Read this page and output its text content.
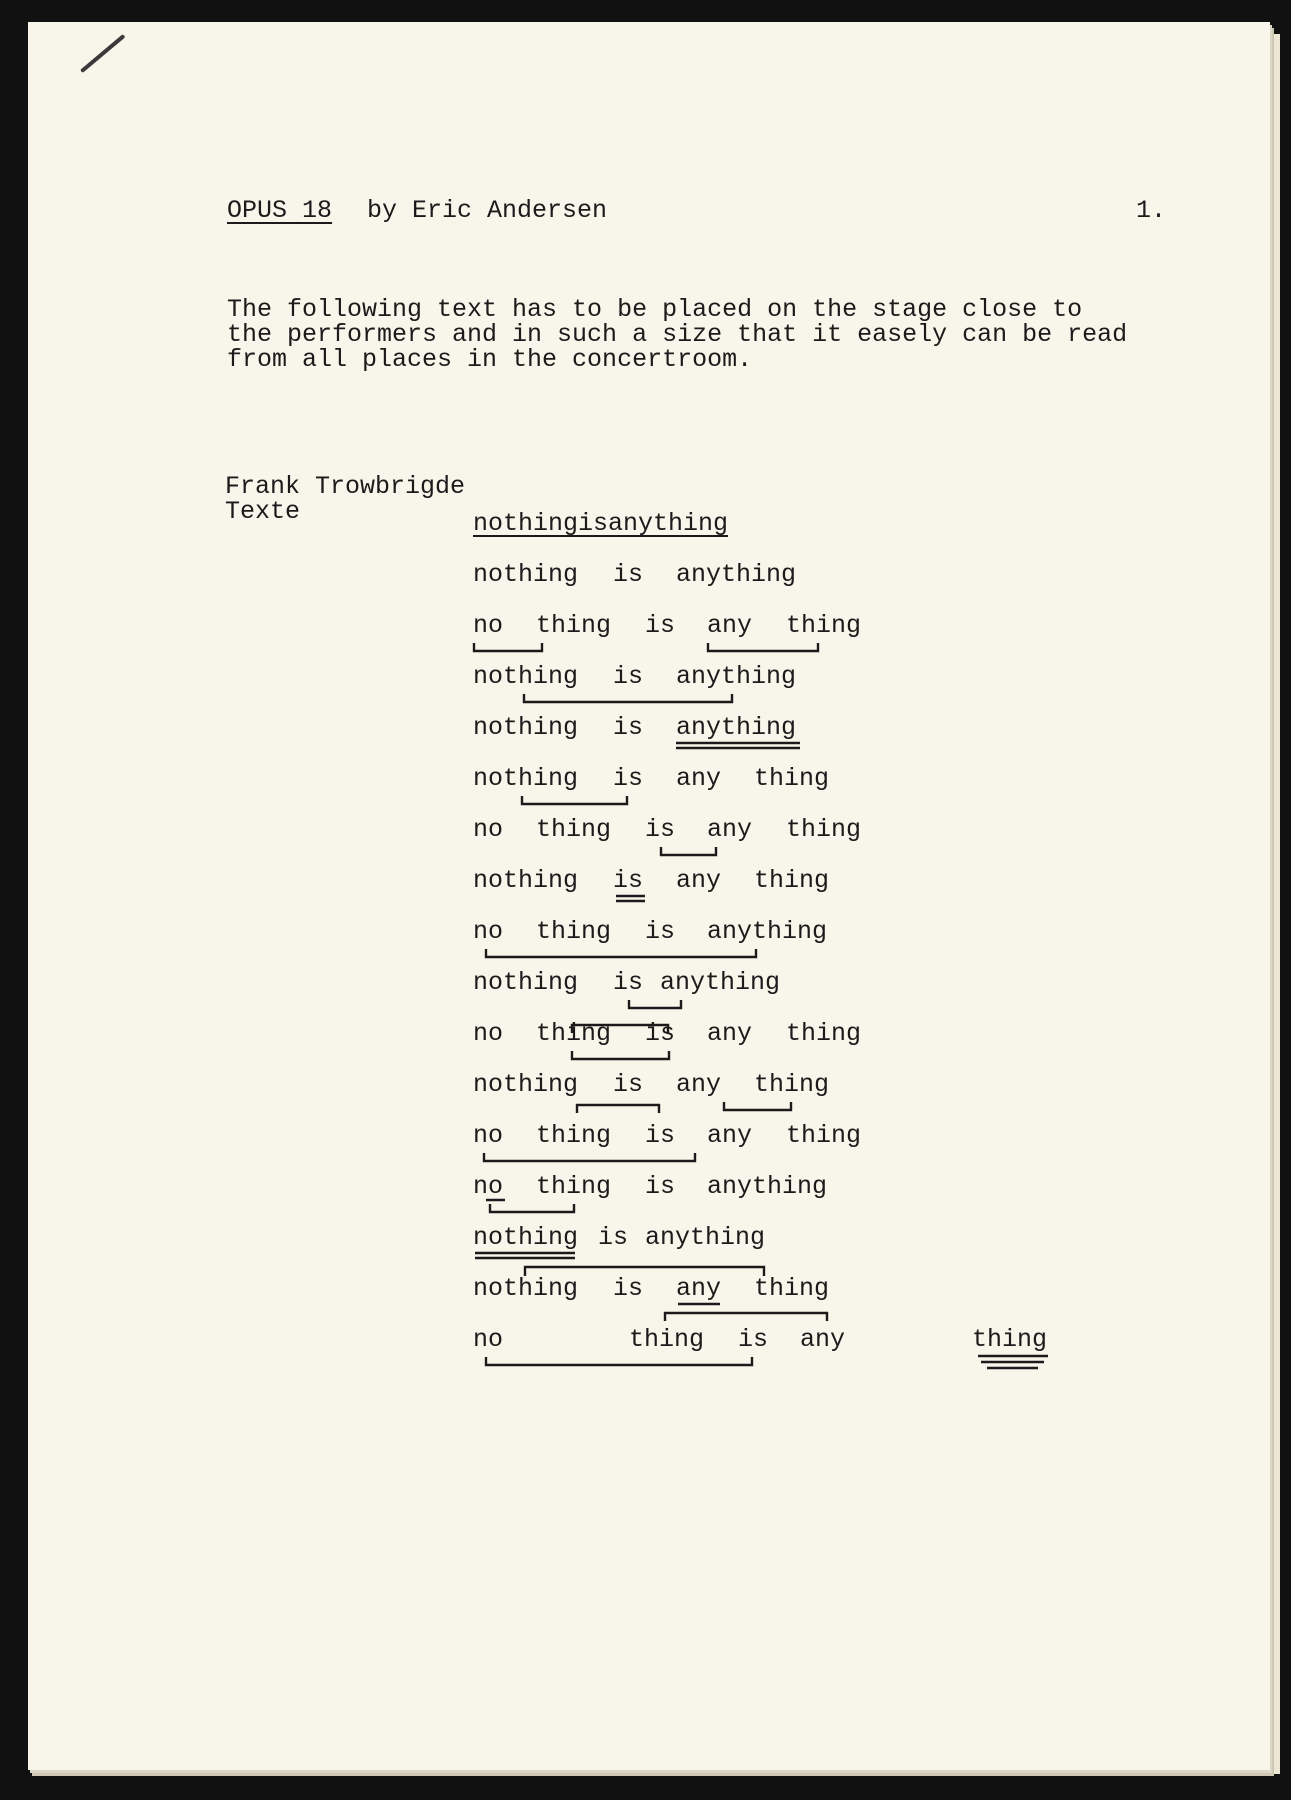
OPUS 18 by Eric Andersen	1.
The following text has to be placed on the stage close to
the performers and in such a size that it easely can be read
from all places in the concertroom.
Frank Trowbrigde
Texte	nothingisanything
nothing is anything
no thing is any thing
nothing is anything
nothing is anything
nothing is any thing
no thing is any thing
nothing is any thing
no thing is anything
nothing is anything
no thing is any thing
nothing is any thing
no thing is any thing
no thing is anything
nothing is anything
nothing is any thing
no	thing is any	thing
